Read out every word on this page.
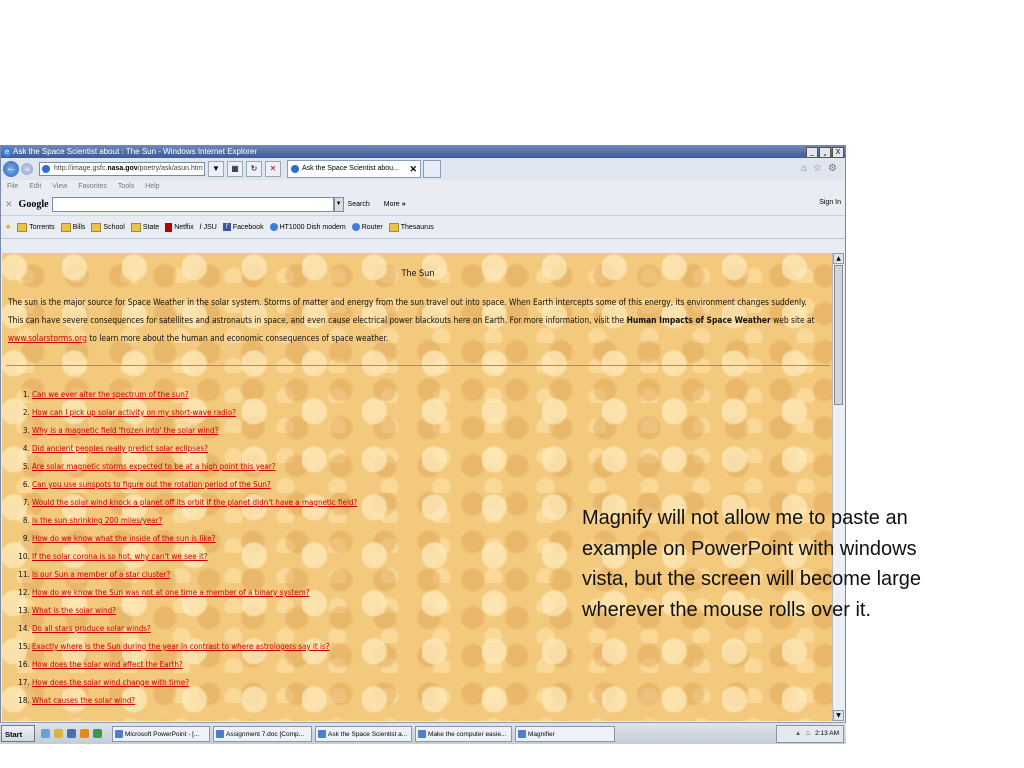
e Ask the Space Scientist about : The Sun - Windows Internet Explorer	_	X
← →	http://image.gsfc.nasa.gov/poetry/ask/asun.htm	▼	▦	↻	✕	Ask the Space Scientist abou... ✕	⌂ ☆ ⚙
File Edit View Favorites Tools Help
✕ Google	▼ Search More »	Sign In
★	Torrents	Bills	School	State Netflix / JSU	f Facebook HT1000 Dish modem Router	Thesaurus
The Sun
The sun is the major source for Space Weather in the solar system. Storms of matter and energy from the sun travel out into space. When Earth intercepts some of this energy, its environment changes suddenly. This can have severe consequences for satellites and astronauts in space, and even cause electrical power blackouts here on Earth. For more information, visit the Human Impacts of Space Weather web site at www.solarstorms.org to learn more about the human and economic consequences of space weather.
1. Can we ever alter the spectrum of the sun?
2. How can I pick up solar activity on my short-wave radio?
3. Why is a magnetic field 'frozen into' the solar wind?
4. Did ancient peoples really predict solar eclipses?
5. Are solar magnetic storms expected to be at a high point this year?
6. Can you use sunspots to figure out the rotation period of the Sun?
7. Would the solar wind knock a planet off its orbit if the planet didn't have a magnetic field?
8. Is the sun shrinking 200 miles/year?
9. How do we know what the inside of the sun is like?
10. If the solar corona is so hot, why can't we see it?
11. Is our Sun a member of a star cluster?
12. How do we know the Sun was not at one time a member of a binary system?
13. What is the solar wind?
14. Do all stars produce solar winds?
15. Exactly where is the Sun during the year in contrast to where astrologers say it is?
16. How does the solar wind affect the Earth?
17. How does the solar wind change with time?
18. What causes the solar wind?
▲
▼
Start	Microsoft PowerPoint - [...	Assignment 7.doc [Comp...	Ask the Space Scientist a...	Make the computer easie...	Magnifier	▲ ♨ 2:13 AM
Magnify will not allow me to paste an example on PowerPoint with windows vista, but the screen will become large wherever the mouse rolls over it.
